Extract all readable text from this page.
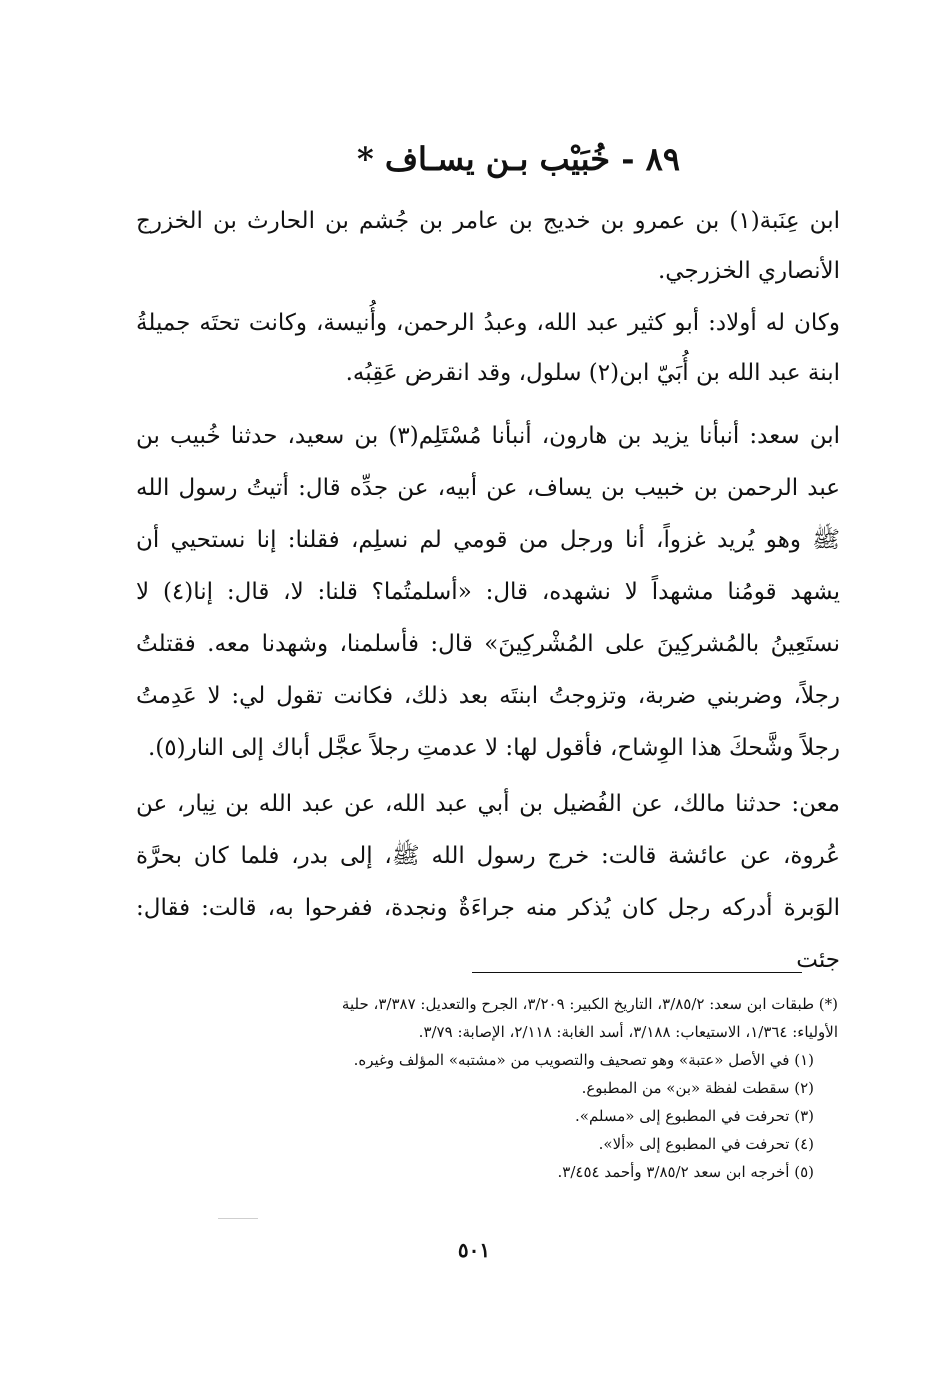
٨٩ - خُبَيْب بـن يسـاف *

ابن عِنَبة(١) بن عمرو بن خديج بن عامر بن جُشم بن الحارث بن الخزرج الأنصاري الخزرجي.

وكان له أولاد: أبو كثير عبد الله، وعبدُ الرحمن، وأُنيسة، وكانت تحتَه جميلةُ ابنة عبد الله بن أُبَيّ ابن(٢) سلول، وقد انقرض عَقِبُه.

ابن سعد: أنبأنا يزيد بن هارون، أنبأنا مُسْتَلِم(٣) بن سعيد، حدثنا خُبيب بن عبد الرحمن بن خبيب بن يساف، عن أبيه، عن جدِّه قال: أتيتُ رسول الله ﷺ وهو يُريد غزواً، أنا ورجل من قومي لم نسلِم، فقلنا: إنا نستحيي أن يشهد قومُنا مشهداً لا نشهده، قال: «أسلمتُما؟ قلنا: لا، قال: إنا(٤) لا نستَعِينُ بالمُشركِينَ على المُشْركِينَ» قال: فأسلمنا، وشهدنا معه. فقتلتُ رجلاً، وضربني ضربة، وتزوجتُ ابنتَه بعد ذلك، فكانت تقول لي: لا عَدِمتُ رجلاً وشَّحكَ هذا الوِشاح، فأقول لها: لا عدمتِ رجلاً عجَّل أباك إلى النار(٥).

معن: حدثنا مالك، عن الفُضيل بن أبي عبد الله، عن عبد الله بن نِيار، عن عُروة، عن عائشة قالت: خرج رسول الله ﷺ، إلى بدر، فلما كان بحرَّة الوَبرة أدركه رجل كان يُذكر منه جراءَةٌ ونجدة، ففرحوا به، قالت: فقال: جئت

(*) طبقات ابن سعد: ٣/٨٥/٢، التاريخ الكبير: ٣/٢٠٩، الجرح والتعديل: ٣/٣٨٧، حلية

الأولياء: ١/٣٦٤، الاستيعاب: ٣/١٨٨، أسد الغابة: ٢/١١٨، الإصابة: ٣/٧٩.

(١) في الأصل «عتبة» وهو تصحيف والتصويب من «مشتبه» المؤلف وغيره.

(٢) سقطت لفظة «بن» من المطبوع.

(٣) تحرفت في المطبوع إلى «مسلم».

(٤) تحرفت في المطبوع إلى «ألا».

(٥) أخرجه ابن سعد ٣/٨٥/٢ وأحمد ٣/٤٥٤.

٥٠١
